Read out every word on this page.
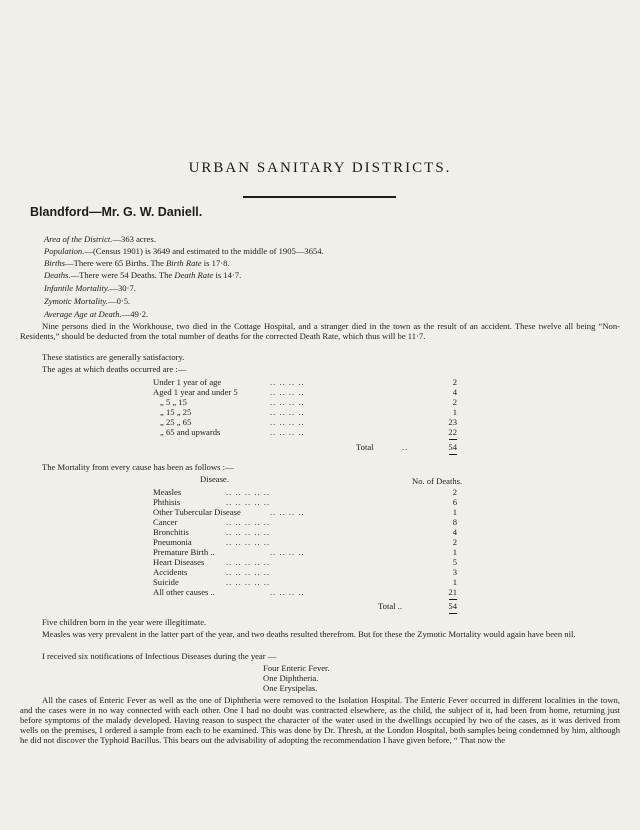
URBAN SANITARY DISTRICTS.
Blandford—Mr. G. W. Daniell.
Area of the District.—363 acres.
Population.—(Census 1901) is 3649 and estimated to the middle of 1905—3654.
Births—There were 65 Births. The Birth Rate is 17·8.
Deaths.—There were 54 Deaths. The Death Rate is 14·7.
Infantile Mortality.—30·7.
Zymotic Mortality.—0·5.
Average Age at Death.—49·2.
Nine persons died in the Workhouse, two died in the Cottage Hospital, and a stranger died in the town as the result of an accident. These twelve all being “Non-Residents,” should be deducted from the total number of deaths for the corrected Death Rate, which thus will be 11·7.
These statistics are generally satisfactory.
The ages at which deaths occurred are :—
Under 1 year of age	.. .. .. ..	2
Aged 1 year and under 5	.. .. .. ..	4
„ 5 „ 15	.. .. .. ..	2
„ 15 „ 25	.. .. .. ..	1
„ 25 „ 65	.. .. .. ..	23
„ 65 and upwards	.. .. .. ..	22
Total	..	54
The Mortality from every cause has been as follows :—
Disease.	No. of Deaths.
Measles	.. .. .. .. ..	2
Phthisis	.. .. .. .. ..	6
Other Tubercular Disease	.. .. .. ..	1
Cancer	.. .. .. .. ..	8
Bronchitis	.. .. .. .. ..	4
Pneumonia	.. .. .. .. ..	2
Premature Birth ..	.. .. .. ..	1
Heart Diseases	.. .. .. .. ..	5
Accidents	.. .. .. .. ..	3
Suicide	.. .. .. .. ..	1
All other causes ..	.. .. .. ..	21
Total ..	54
Five children born in the year were illegitimate.
Measles was very prevalent in the latter part of the year, and two deaths resulted therefrom. But for these the Zymotic Mortality would again have been nil.
I received six notifications of Infectious Diseases during the year —
Four Enteric Fever.
One Diphtheria.
One Erysipelas.
All the cases of Enteric Fever as well as the one of Diphtheria were removed to the Isolation Hospital. The Enteric Fever occurred in different localities in the town, and the cases were in no way connected with each other. One I had no doubt was contracted elsewhere, as the child, the subject of it, had been from home, returning just before symptoms of the malady developed. Having reason to suspect the character of the water used in the dwellings occupied by two of the cases, as it was derived from wells on the premises, I ordered a sample from each to be examined. This was done by Dr. Thresh, at the London Hospital, both samples being condemned by him, although he did not discover the Typhoid Bacillus. This bears out the advisability of adopting the recommendation I have given before, “ That now the
